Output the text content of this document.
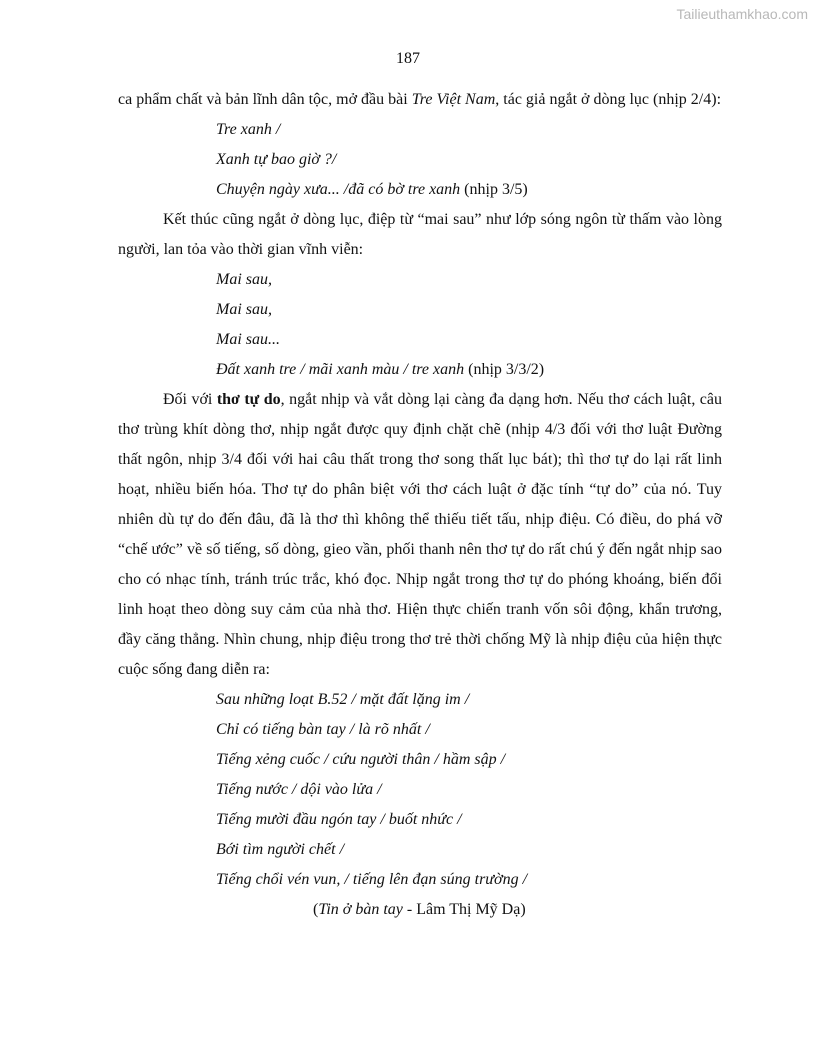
Tailieuthamkhao.com
187

ca phẩm chất và bản lĩnh dân tộc, mở đầu bài Tre Việt Nam, tác giả ngắt ở dòng lục (nhịp 2/4):

Tre xanh /

Xanh tự bao giờ ?/

Chuyện ngày xưa... /đã có bờ tre xanh (nhịp 3/5)

Kết thúc cũng ngắt ở dòng lục, điệp từ “mai sau” như lớp sóng ngôn từ thấm vào lòng người, lan tỏa vào thời gian vĩnh viễn:

Mai sau,

Mai sau,

Mai sau...

Đất xanh tre / mãi xanh màu / tre xanh (nhịp 3/3/2)

Đối với thơ tự do, ngắt nhịp và vắt dòng lại càng đa dạng hơn. Nếu thơ cách luật, câu thơ trùng khít dòng thơ, nhịp ngắt được quy định chặt chẽ (nhịp 4/3 đối với thơ luật Đường thất ngôn, nhịp 3/4 đối với hai câu thất trong thơ song thất lục bát); thì thơ tự do lại rất linh hoạt, nhiều biến hóa. Thơ tự do phân biệt với thơ cách luật ở đặc tính “tự do” của nó. Tuy nhiên dù tự do đến đâu, đã là thơ thì không thể thiếu tiết tấu, nhịp điệu. Có điều, do phá vỡ “chế ước” về số tiếng, số dòng, gieo vần, phối thanh nên thơ tự do rất chú ý đến ngắt nhịp sao cho có nhạc tính, tránh trúc trắc, khó đọc. Nhịp ngắt trong thơ tự do phóng khoáng, biến đổi linh hoạt theo dòng suy cảm của nhà thơ. Hiện thực chiến tranh vốn sôi động, khẩn trương, đầy căng thẳng. Nhìn chung, nhịp điệu trong thơ trẻ thời chống Mỹ là nhịp điệu của hiện thực cuộc sống đang diễn ra:

Sau những loạt B.52 / mặt đất lặng im /

Chỉ có tiếng bàn tay / là rõ nhất /

Tiếng xẻng cuốc / cứu người thân / hầm sập /

Tiếng nước / dội vào lửa /

Tiếng mười đầu ngón tay / buốt nhức /

Bới tìm người chết /

Tiếng chổi vén vun, / tiếng lên đạn súng trường /

(Tin ở bàn tay - Lâm Thị Mỹ Dạ)
